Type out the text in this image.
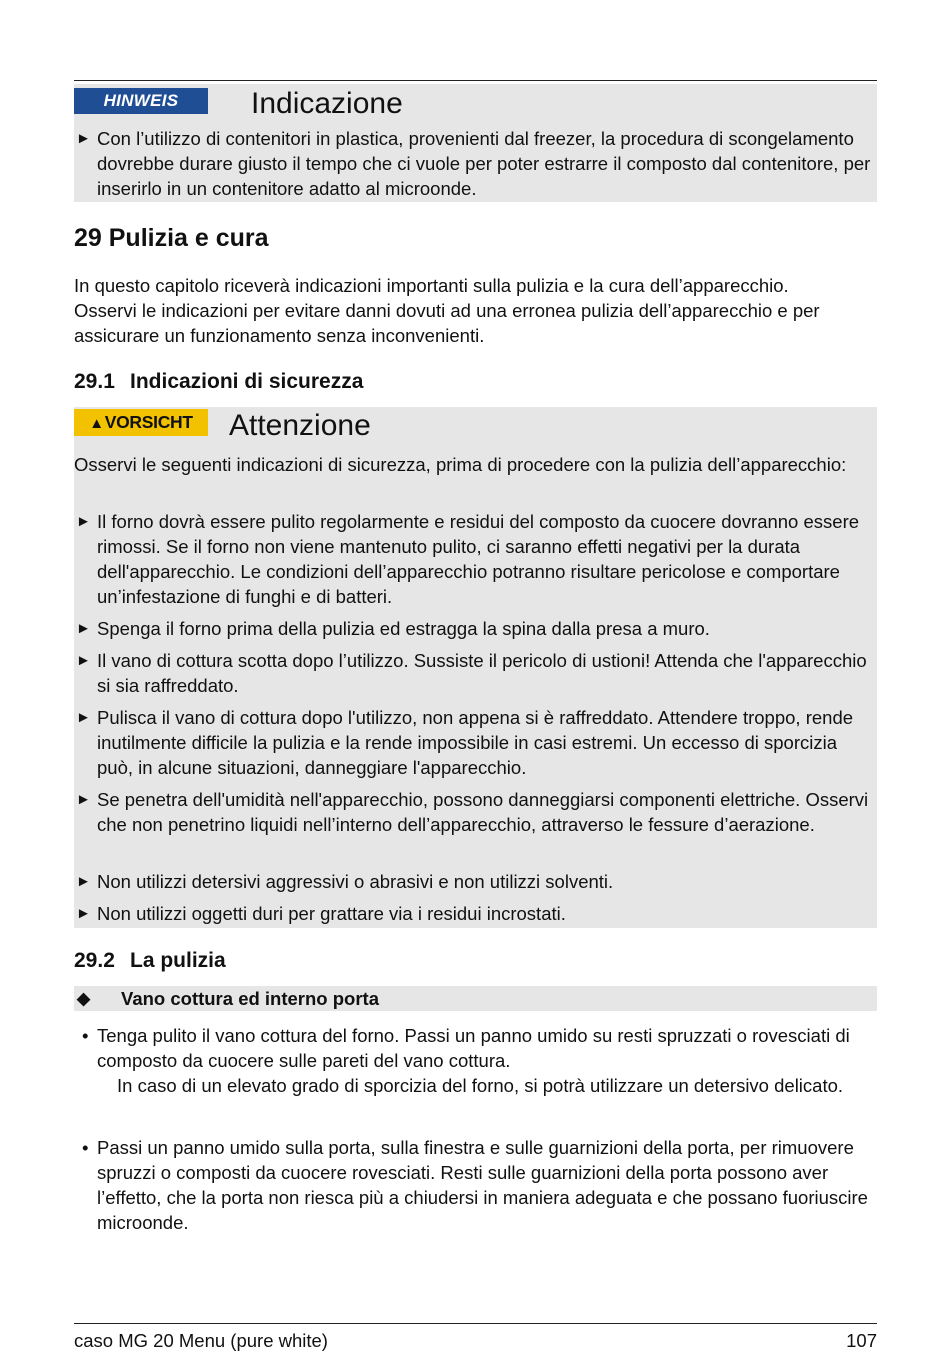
HINWEIS	Indicazione
► Con l’utilizzo di contenitori in plastica, provenienti dal freezer, la procedura di scongelamento dovrebbe durare giusto il tempo che ci vuole per poter estrarre il composto dal contenitore, per inserirlo in un contenitore adatto al microonde.
29 Pulizia e cura
In questo capitolo riceverà indicazioni importanti sulla pulizia e la cura dell’apparecchio. Osservi le indicazioni per evitare danni dovuti ad una erronea pulizia dell’apparecchio e per assicurare un funzionamento senza inconvenienti.
29.1 Indicazioni di sicurezza
▲VORSICHT	Attenzione
Osservi le seguenti indicazioni di sicurezza, prima di procedere con la pulizia dell’apparecchio:
► Il forno dovrà essere pulito regolarmente e residui del composto da cuocere dovranno essere rimossi. Se il forno non viene mantenuto pulito, ci saranno effetti negativi per la durata dell'apparecchio. Le condizioni dell’apparecchio potranno risultare pericolose e comportare un’infestazione di funghi e di batteri.
► Spenga il forno prima della pulizia ed estragga la spina dalla presa a muro.
► Il vano di cottura scotta dopo l’utilizzo. Sussiste il pericolo di ustioni! Attenda che l'apparecchio si sia raffreddato.
► Pulisca il vano di cottura dopo l'utilizzo, non appena si è raffreddato. Attendere troppo, rende inutilmente difficile la pulizia e la rende impossibile in casi estremi. Un eccesso di sporcizia può, in alcune situazioni, danneggiare l'apparecchio.
► Se penetra dell'umidità nell'apparecchio, possono danneggiarsi componenti elettriche. Osservi che non penetrino liquidi nell’interno dell’apparecchio, attraverso le fessure d’aerazione.
► Non utilizzi detersivi aggressivi o abrasivi e non utilizzi solventi.
► Non utilizzi oggetti duri per grattare via i residui incrostati.
29.2 La pulizia
◆ Vano cottura ed interno porta
• Tenga pulito il vano cottura del forno. Passi un panno umido su resti spruzzati o rovesciati di composto da cuocere sulle pareti del vano cottura.
In caso di un elevato grado di sporcizia del forno, si potrà utilizzare un detersivo delicato.
• Passi un panno umido sulla porta, sulla finestra e sulle guarnizioni della porta, per rimuovere spruzzi o composti da cuocere rovesciati. Resti sulle guarnizioni della porta possono aver l’effetto, che la porta non riesca più a chiudersi in maniera adeguata e che possano fuoriuscire microonde.
caso MG 20 Menu (pure white)	107
